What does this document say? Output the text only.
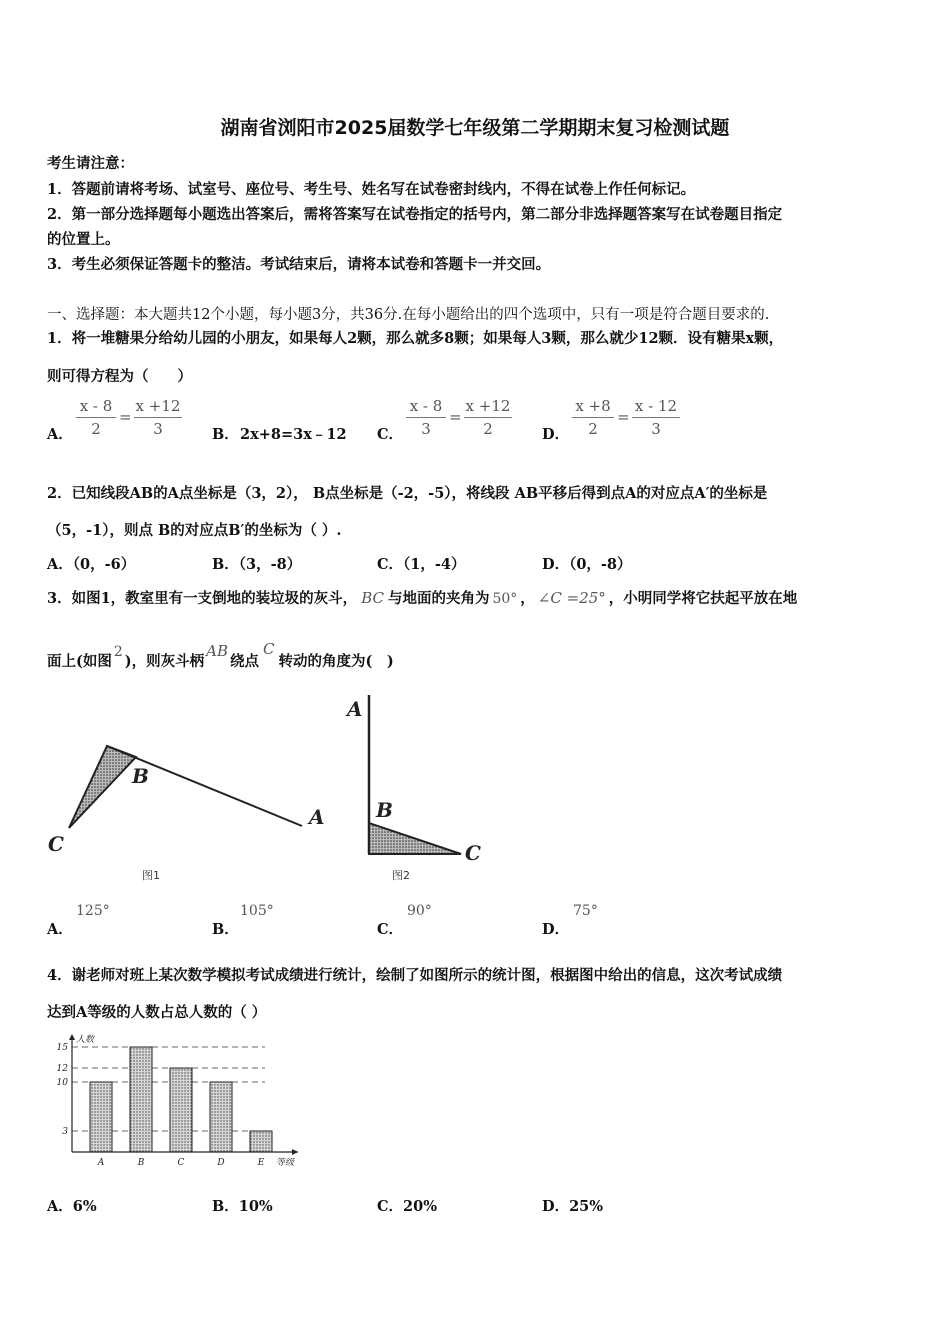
湖南省浏阳市2025届数学七年级第二学期期末复习检测试题
考生请注意：
1．答题前请将考场、试室号、座位号、考生号、姓名写在试卷密封线内，不得在试卷上作任何标记。
2．第一部分选择题每小题选出答案后，需将答案写在试卷指定的括号内，第二部分非选择题答案写在试卷题目指定
的位置上。
3．考生必须保证答题卡的整洁。考试结束后，请将本试卷和答题卡一并交回。
一、选择题：本大题共12个小题，每小题3分，共36分.在每小题给出的四个选项中，只有一项是符合题目要求的.
1．将一堆糖果分给幼儿园的小朋友，如果每人2颗，那么就多8颗；如果每人3颗，那么就少12颗．设有糖果x颗，
则可得方程为（　　）
A．
x - 8
2
=
x +12
3	B． 2x+8=3x﹣12 C．
x - 8
3
=
x +12
2	D．
x +8
2
=
x - 12
3
2．已知线段AB的A点坐标是（3，2）， B点坐标是（-2，-5），将线段 AB平移后得到点A的对应点A′的坐标是
（5，-1），则点 B的对应点B′的坐标为（ ）.
A．（0，-6）	B．（3，-8）	C．（1，-4）	D．（0，-8）
3．如图1，教室里有一支倒地的装垃圾的灰斗， BC 与地面的夹角为 50° ， ∠C =25° ，小明同学将它扶起平放在地
面上(如图2)，则灰斗柄AB绕点C转动的角度为(　)
C
B
A
图1
A
B
C
图2
A．
125°
B．
105°
C．
90°
D．
75°
4．谢老师对班上某次数学模拟考试成绩进行统计，绘制了如图所示的统计图，根据图中给出的信息，这次考试成绩
达到A等级的人数占总人数的（ ）
3
10
12
15
A	B	C	D	E
人数
等级
A．6%	B．10%	C．20%	D．25%
